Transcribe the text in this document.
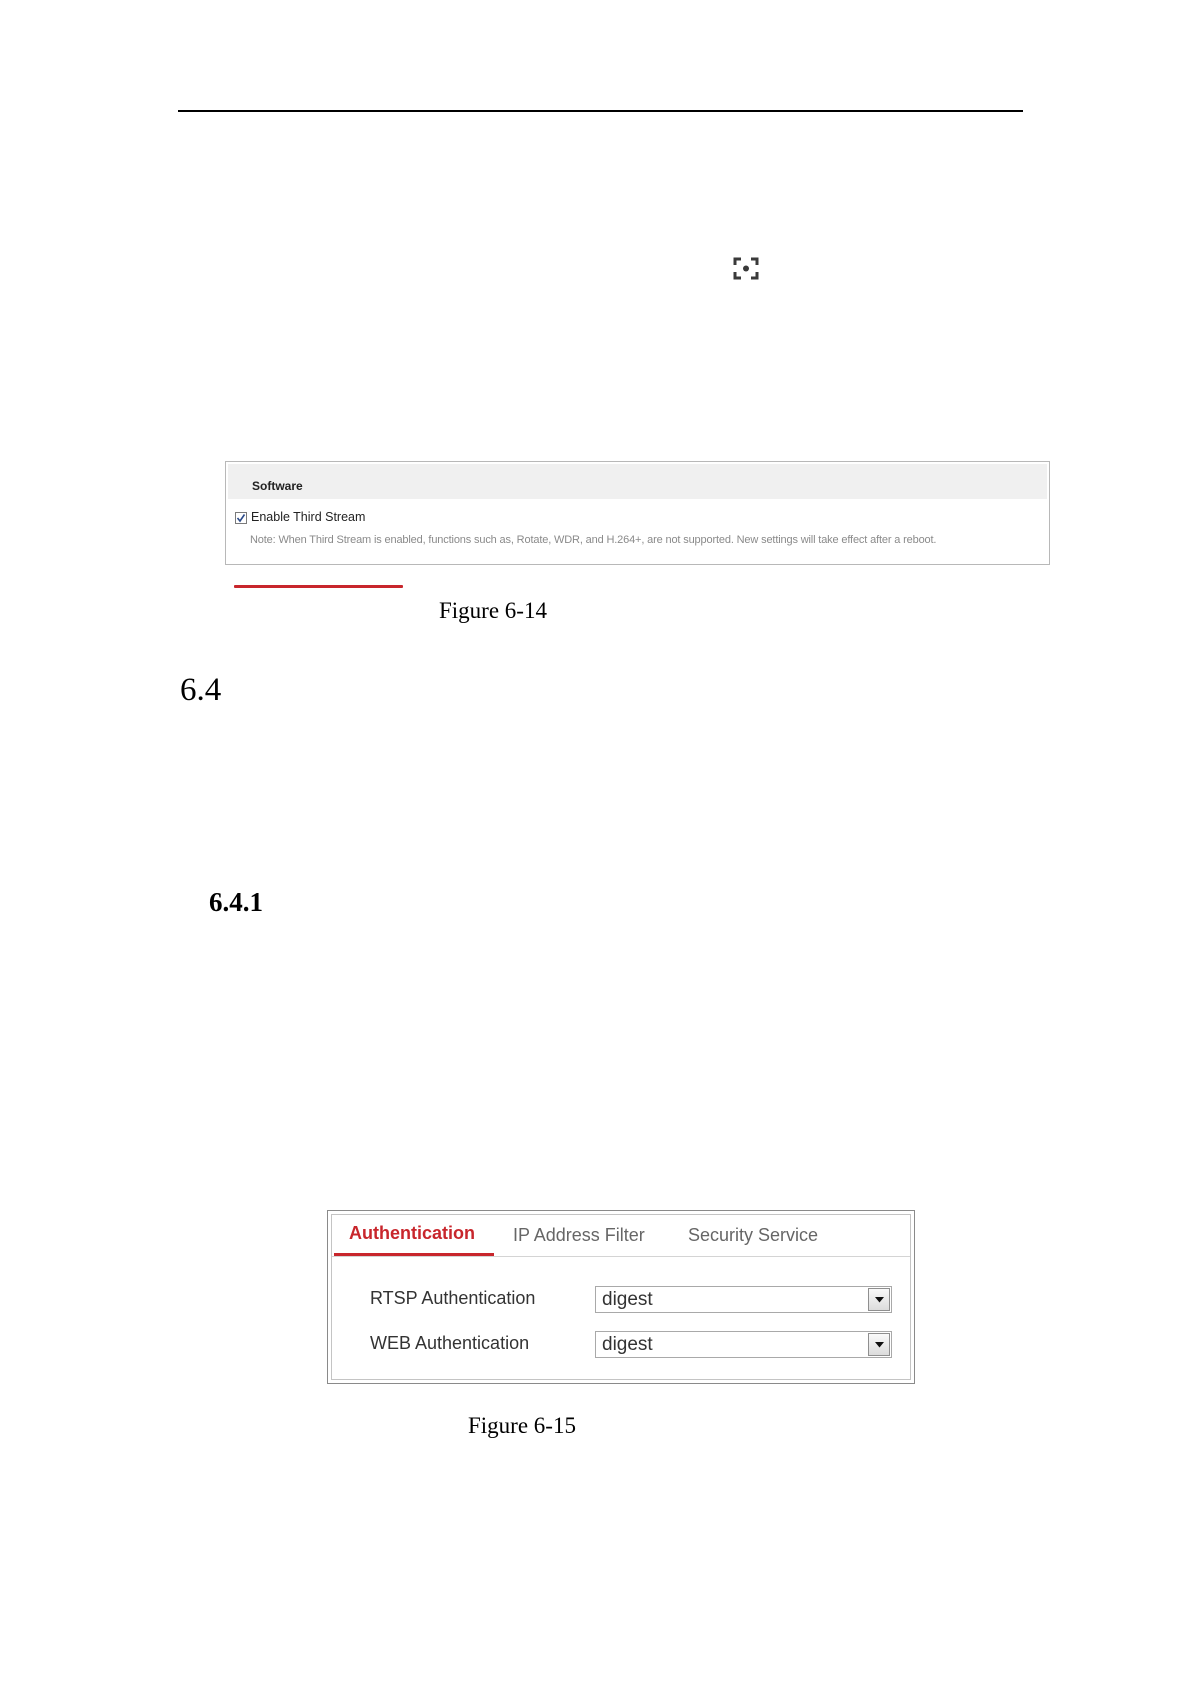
Software
Enable Third Stream
Note: When Third Stream is enabled, functions such as, Rotate, WDR, and H.264+, are not supported. New settings will take effect after a reboot.
Figure 6-14
6.4
6.4.1
Authentication IP Address Filter Security Service
RTSP Authentication	digest
WEB Authentication	digest
Figure 6-15
